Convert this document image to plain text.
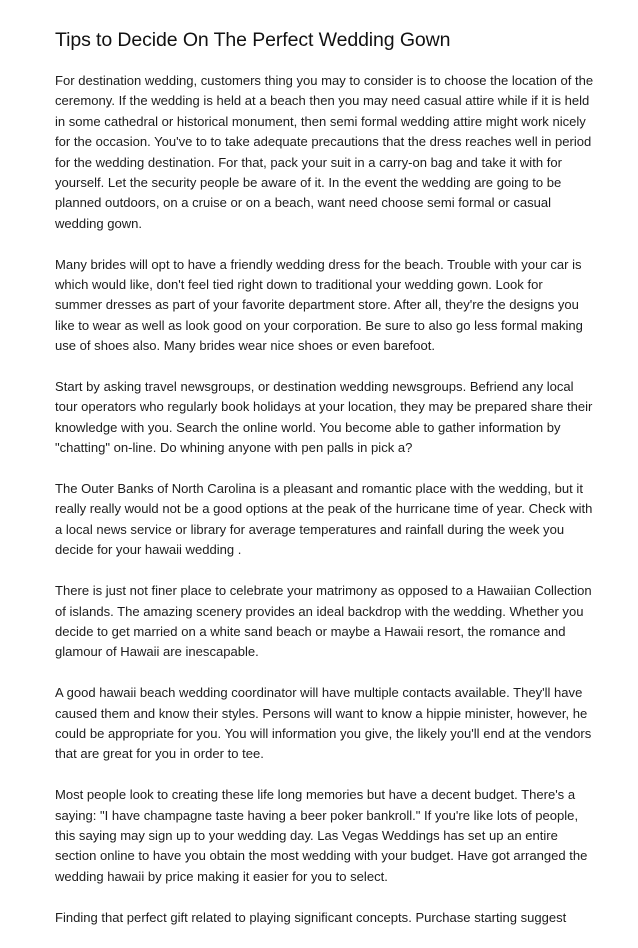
Tips to Decide On The Perfect Wedding Gown
For destination wedding, customers thing you may to consider is to choose the location of the
ceremony. If the wedding is held at a beach then you may need casual attire while if it is held
in some cathedral or historical monument, then semi formal wedding attire might work nicely
for the occasion. You've to to take adequate precautions that the dress reaches well in period
for the wedding destination. For that, pack your suit in a carry-on bag and take it with for
yourself. Let the security people be aware of it. In the event the wedding are going to be
planned outdoors, on a cruise or on a beach, want need choose semi formal or casual
wedding gown.
Many brides will opt to have a friendly wedding dress for the beach. Trouble with your car is
which would like, don't feel tied right down to traditional your wedding gown. Look for
summer dresses as part of your favorite department store. After all, they're the designs you
like to wear as well as look good on your corporation. Be sure to also go less formal making
use of shoes also. Many brides wear nice shoes or even barefoot.
Start by asking travel newsgroups, or destination wedding newsgroups. Befriend any local
tour operators who regularly book holidays at your location, they may be prepared share their
knowledge with you. Search the online world. You become able to gather information by
"chatting" on-line. Do whining anyone with pen palls in pick a?
The Outer Banks of North Carolina is a pleasant and romantic place with the wedding, but it
really really would not be a good options at the peak of the hurricane time of year. Check with
a local news service or library for average temperatures and rainfall during the week you
decide for your hawaii wedding .
There is just not finer place to celebrate your matrimony as opposed to a Hawaiian Collection
of islands. The amazing scenery provides an ideal backdrop with the wedding. Whether you
decide to get married on a white sand beach or maybe a Hawaii resort, the romance and
glamour of Hawaii are inescapable.
A good hawaii beach wedding coordinator will have multiple contacts available. They'll have
caused them and know their styles. Persons will want to know a hippie minister, however, he
could be appropriate for you. You will information you give, the likely you'll end at the vendors
that are great for you in order to tee.
Most people look to creating these life long memories but have a decent budget. There's a
saying: "I have champagne taste having a beer poker bankroll." If you're like lots of people,
this saying may sign up to your wedding day. Las Vegas Weddings has set up an entire
section online to have you obtain the most wedding with your budget. Have got arranged the
wedding hawaii by price making it easier for you to select.
Finding that perfect gift related to playing significant concepts. Purchase starting suggest
